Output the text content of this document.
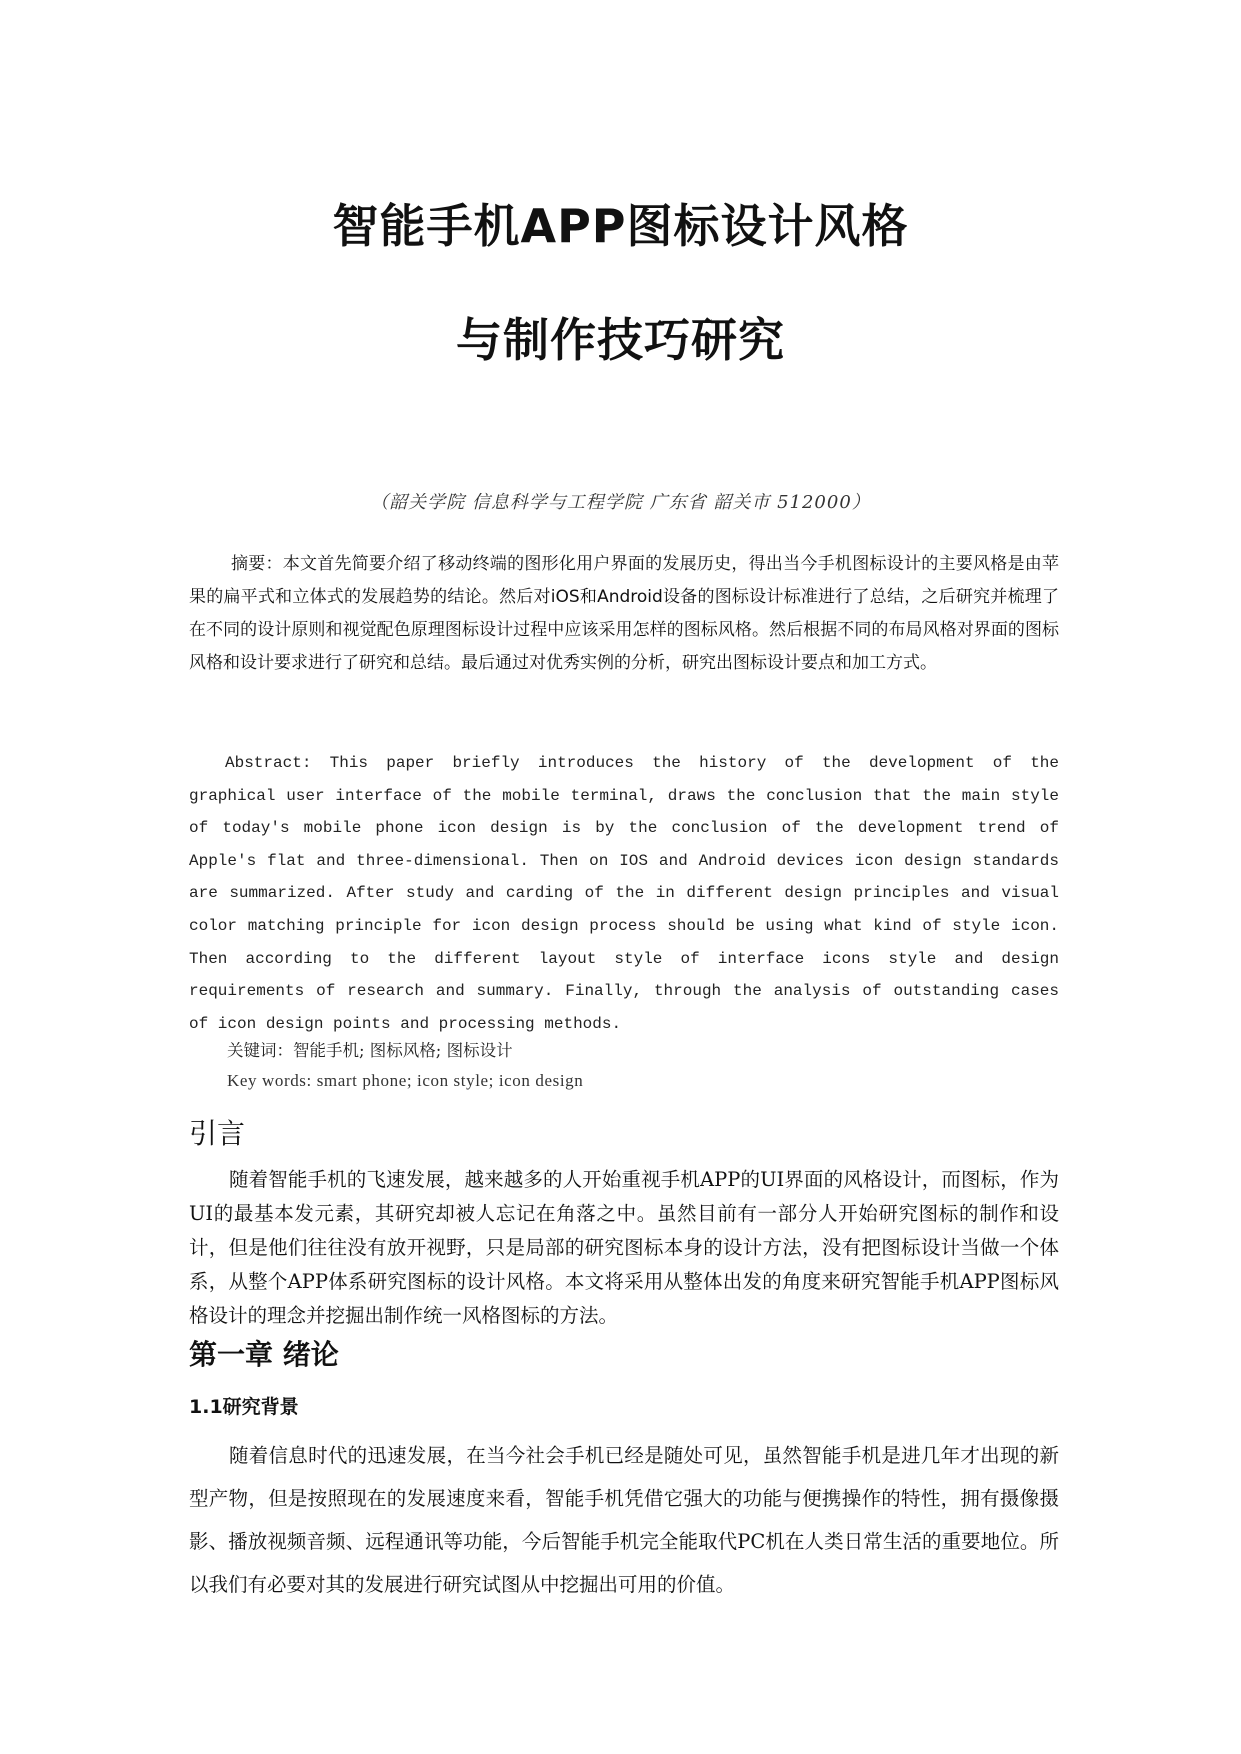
智能手机APP图标设计风格
与制作技巧研究
（韶关学院 信息科学与工程学院 广东省 韶关市 512000）
摘要：本文首先简要介绍了移动终端的图形化用户界面的发展历史，得出当今手机图标设计的主要风格是由苹果的扁平式和立体式的发展趋势的结论。然后对iOS和Android设备的图标设计标准进行了总结，之后研究并梳理了在不同的设计原则和视觉配色原理图标设计过程中应该采用怎样的图标风格。然后根据不同的布局风格对界面的图标风格和设计要求进行了研究和总结。最后通过对优秀实例的分析，研究出图标设计要点和加工方式。
Abstract: This paper briefly introduces the history of the development of the graphical user interface of the mobile terminal, draws the conclusion that the main style of today's mobile phone icon design is by the conclusion of the development trend of Apple's flat and three-dimensional. Then on IOS and Android devices icon design standards are summarized. After study and carding of the in different design principles and visual color matching principle for icon design process should be using what kind of style icon. Then according to the different layout style of interface icons style and design requirements of research and summary. Finally, through the analysis of outstanding cases of icon design points and processing methods.
关键词：智能手机; 图标风格; 图标设计
Key words: smart phone; icon style; icon design
引言
随着智能手机的飞速发展，越来越多的人开始重视手机APP的UI界面的风格设计，而图标，作为UI的最基本发元素，其研究却被人忘记在角落之中。虽然目前有一部分人开始研究图标的制作和设计，但是他们往往没有放开视野，只是局部的研究图标本身的设计方法，没有把图标设计当做一个体系，从整个APP体系研究图标的设计风格。本文将采用从整体出发的角度来研究智能手机APP图标风格设计的理念并挖掘出制作统一风格图标的方法。
第一章 绪论
1.1研究背景
随着信息时代的迅速发展，在当今社会手机已经是随处可见，虽然智能手机是进几年才出现的新型产物，但是按照现在的发展速度来看，智能手机凭借它强大的功能与便携操作的特性，拥有摄像摄影、播放视频音频、远程通讯等功能，今后智能手机完全能取代PC机在人类日常生活的重要地位。所以我们有必要对其的发展进行研究试图从中挖掘出可用的价值。
